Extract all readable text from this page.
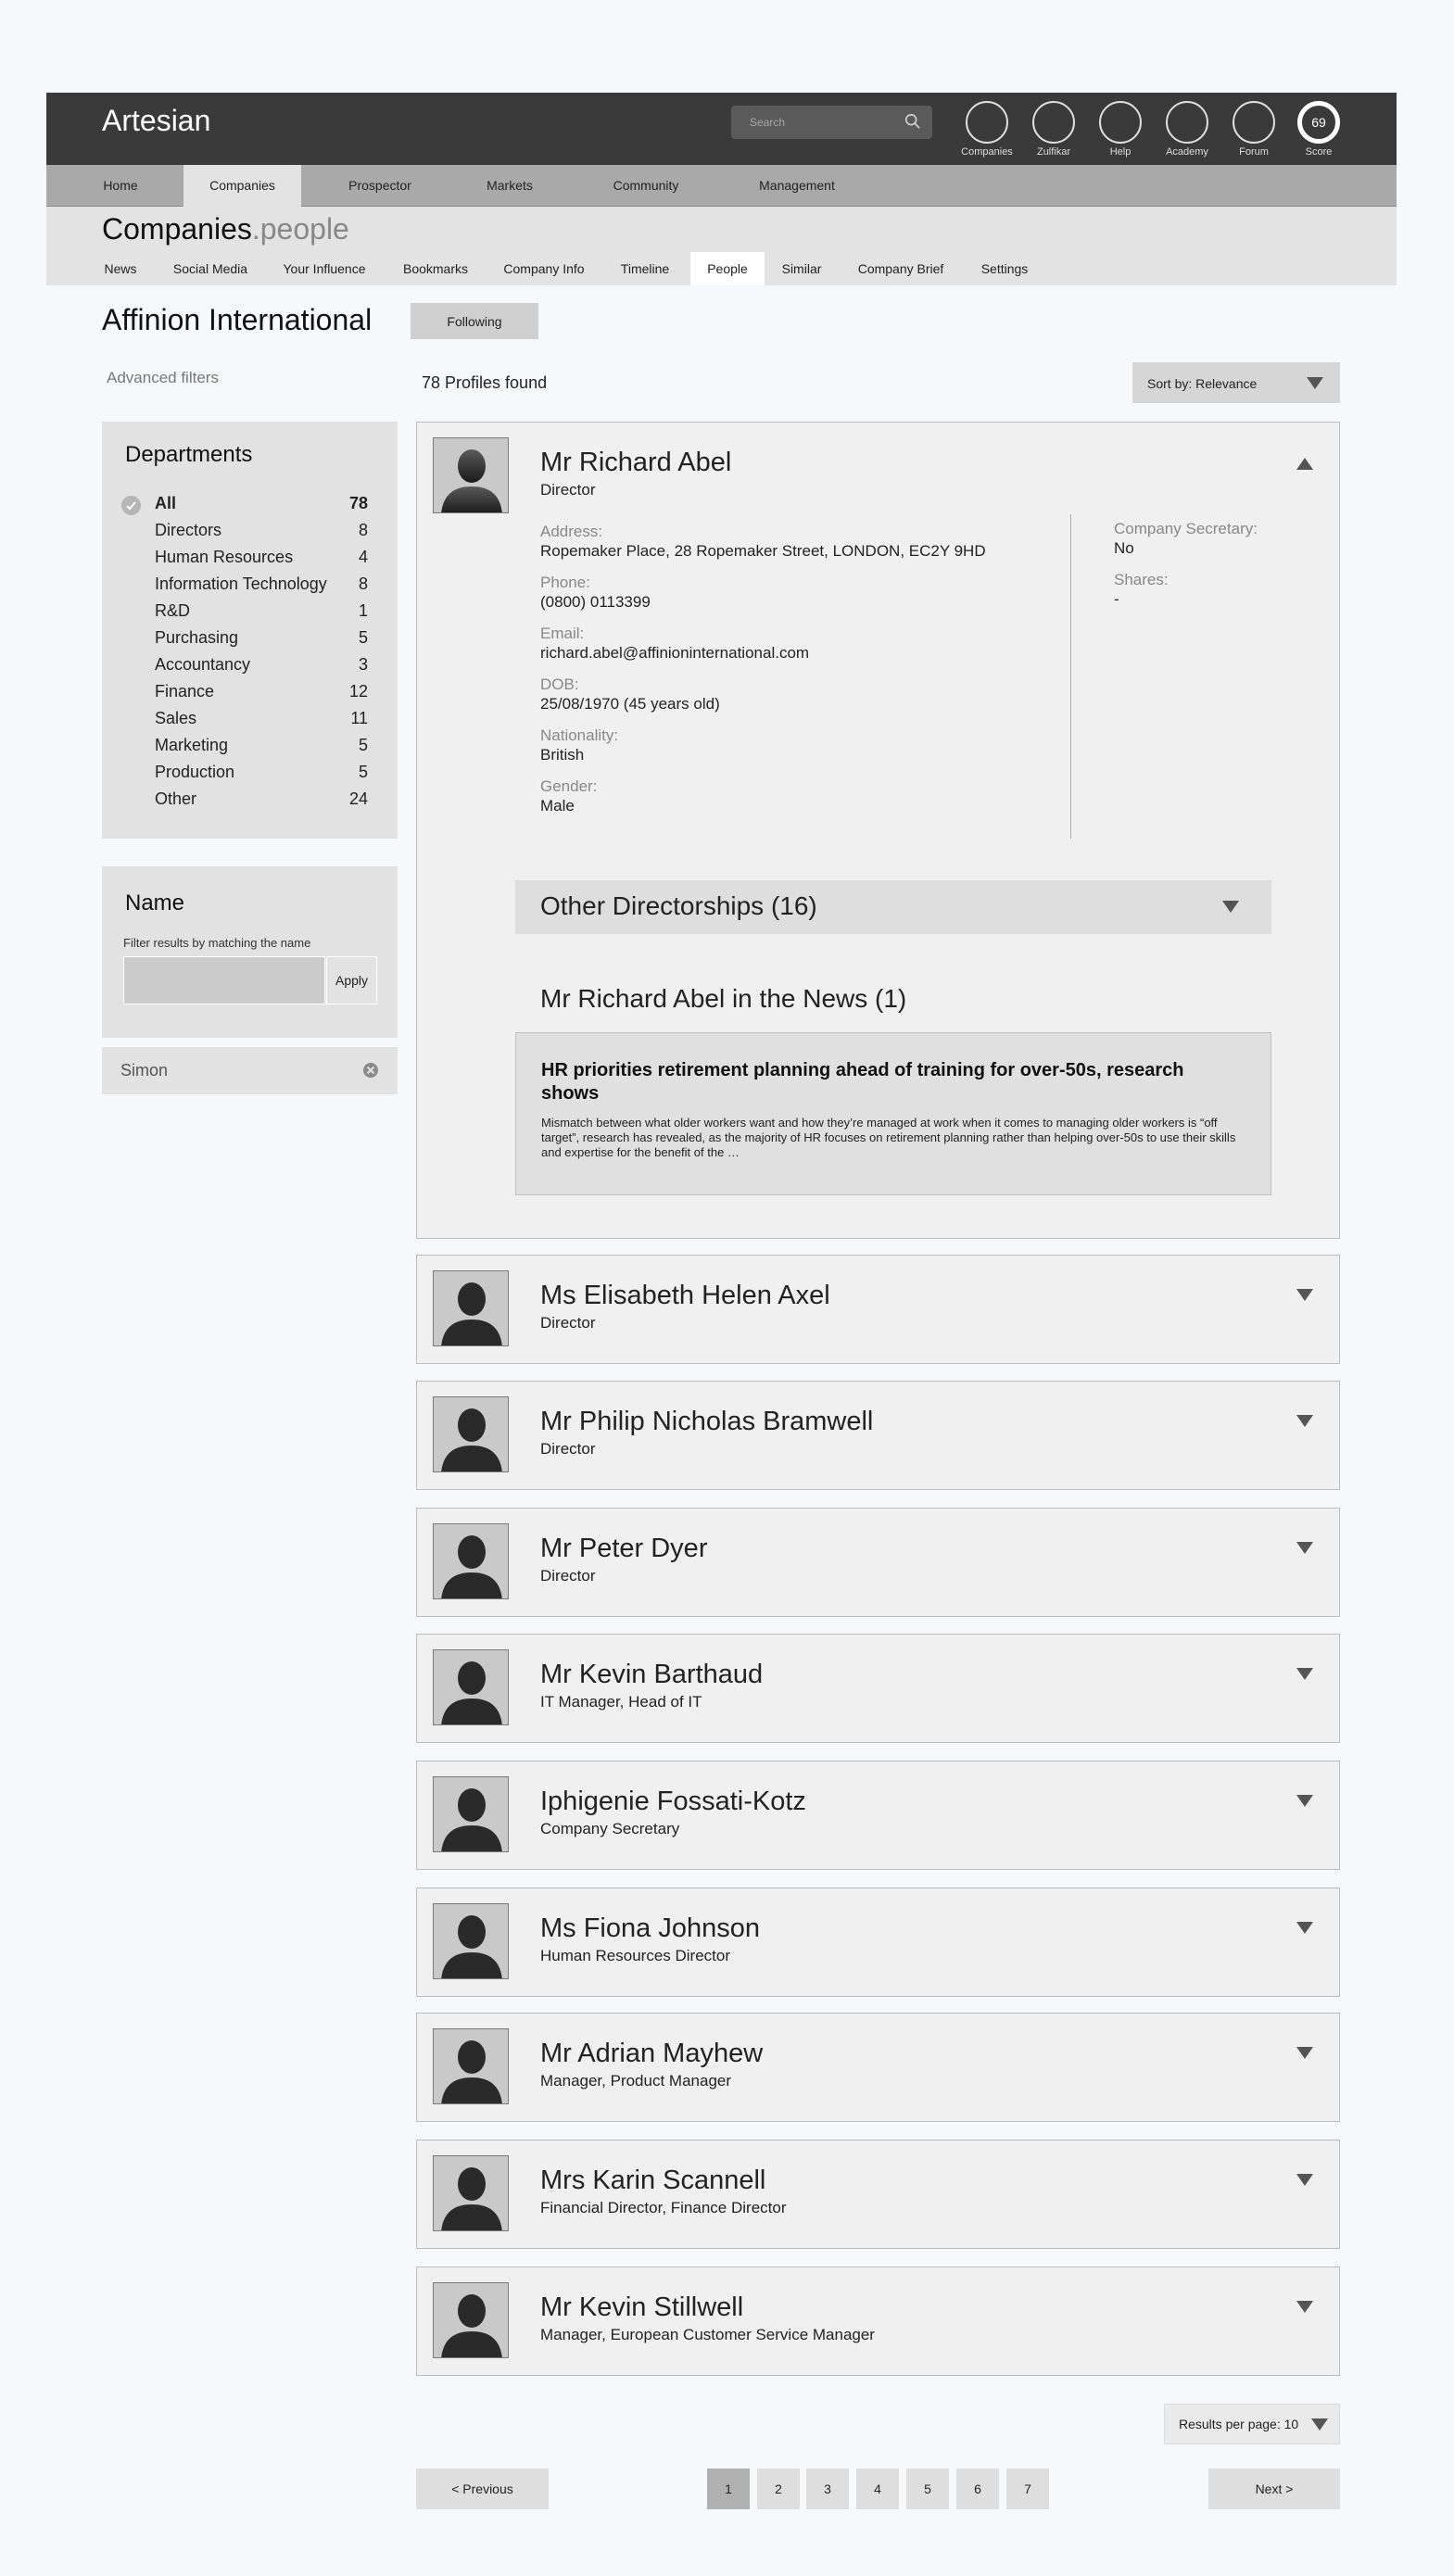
Artesian	Search
Companies	Zulfikar	Help	Academy	Forum
69
Score
Home	Companies	Prospector	Markets	Community	Management
Companies.people
News	Social Media	Your Influence	Bookmarks	Company Info	Timeline	People	Similar	Company Brief	Settings
Affinion International	Following
Advanced filters
Departments
All	78
Directors	8
Human Resources	4
Information Technology 8
R&D	1
Purchasing	5
Accountancy	3
Finance	12
Sales	11
Marketing	5
Production	5
Other	24
Name
Filter results by matching the name
Apply
Simon
78 Profiles found	Sort by: Relevance
Mr Richard Abel
Director
Address:
Ropemaker Place, 28 Ropemaker Street, LONDON, EC2Y 9HD
Phone:
(0800) 0113399
Email:
richard.abel@affinioninternational.com
DOB:
25/08/1970 (45 years old)
Nationality:
British
Gender:
Male
Company Secretary:
No
Shares:
-
Other Directorships (16)
Mr Richard Abel in the News (1)
HR priorities retirement planning ahead of training for over-50s, research shows
Mismatch between what older workers want and how they’re managed at work when it comes to managing older workers is “off target”, research has revealed, as the majority of HR focuses on retirement planning rather than helping over-50s to use their skills and expertise for the benefit of the …
Ms Elisabeth Helen Axel
Director
Mr Philip Nicholas Bramwell
Director
Mr Peter Dyer
Director
Mr Kevin Barthaud
IT Manager, Head of IT
Iphigenie Fossati-Kotz
Company Secretary
Ms Fiona Johnson
Human Resources Director
Mr Adrian Mayhew
Manager, Product Manager
Mrs Karin Scannell
Financial Director, Finance Director
Mr Kevin Stillwell
Manager, European Customer Service Manager
Results per page: 10
< Previous	1	2	3	4	5	6	7	Next >
